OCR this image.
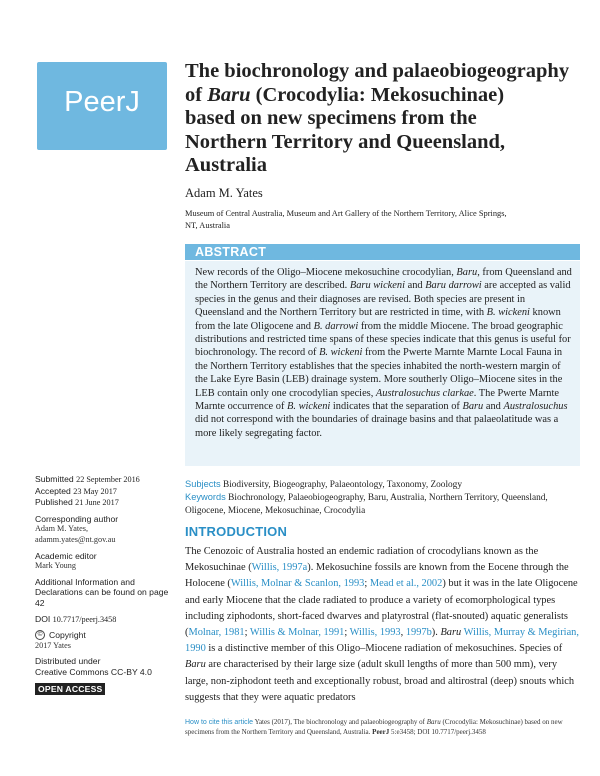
PeerJ
The biochronology and palaeobiogeography
of Baru (Crocodylia: Mekosuchinae)
based on new specimens from the
Northern Territory and Queensland,
Australia
Adam M. Yates
Museum of Central Australia, Museum and Art Gallery of the Northern Territory, Alice Springs,
NT, Australia
ABSTRACT
New records of the Oligo–Miocene mekosuchine crocodylian, Baru, from Queensland and the Northern Territory are described. Baru wickeni and Baru darrowi are accepted as valid species in the genus and their diagnoses are revised. Both species are present in Queensland and the Northern Territory but are restricted in time, with B. wickeni known from the late Oligocene and B. darrowi from the middle Miocene. The broad geographic distributions and restricted time spans of these species indicate that this genus is useful for biochronology. The record of B. wickeni from the Pwerte Marnte Marnte Local Fauna in the Northern Territory establishes that the species inhabited the north-western margin of the Lake Eyre Basin (LEB) drainage system. More southerly Oligo–Miocene sites in the LEB contain only one crocodylian species, Australosuchus clarkae. The Pwerte Marnte Marnte occurrence of B. wickeni indicates that the separation of Baru and Australosuchus did not correspond with the boundaries of drainage basins and that palaeolatitude was a more likely segregating factor.
Subjects Biodiversity, Biogeography, Palaeontology, Taxonomy, Zoology
Keywords Biochronology, Palaeobiogeography, Baru, Australia, Northern Territory, Queensland, Oligocene, Miocene, Mekosuchinae, Crocodylia
Submitted 22 September 2016
Accepted 23 May 2017
Published 21 June 2017
Corresponding author
Adam M. Yates,
adamm.yates@nt.gov.au
Academic editor
Mark Young
Additional Information and Declarations can be found on page 42
DOI 10.7717/peerj.3458
© Copyright
2017 Yates
Distributed under
Creative Commons CC-BY 4.0
OPEN ACCESS
INTRODUCTION
The Cenozoic of Australia hosted an endemic radiation of crocodylians known as the Mekosuchinae (Willis, 1997a). Mekosuchine fossils are known from the Eocene through the Holocene (Willis, Molnar & Scanlon, 1993; Mead et al., 2002) but it was in the late Oligocene and early Miocene that the clade radiated to produce a variety of ecomorphological types including ziphodonts, short-faced dwarves and platyrostral (flat-snouted) aquatic generalists (Molnar, 1981; Willis & Molnar, 1991; Willis, 1993, 1997b). Baru Willis, Murray & Megirian, 1990 is a distinctive member of this Oligo–Miocene radiation of mekosuchines. Species of Baru are characterised by their large size (adult skull lengths of more than 500 mm), very large, non-ziphodont teeth and exceptionally robust, broad and altirostral (deep) snouts which suggests that they were aquatic predators
How to cite this article Yates (2017), The biochronology and palaeobiogeography of Baru (Crocodylia: Mekosuchinae) based on new specimens from the Northern Territory and Queensland, Australia. PeerJ 5:e3458; DOI 10.7717/peerj.3458
